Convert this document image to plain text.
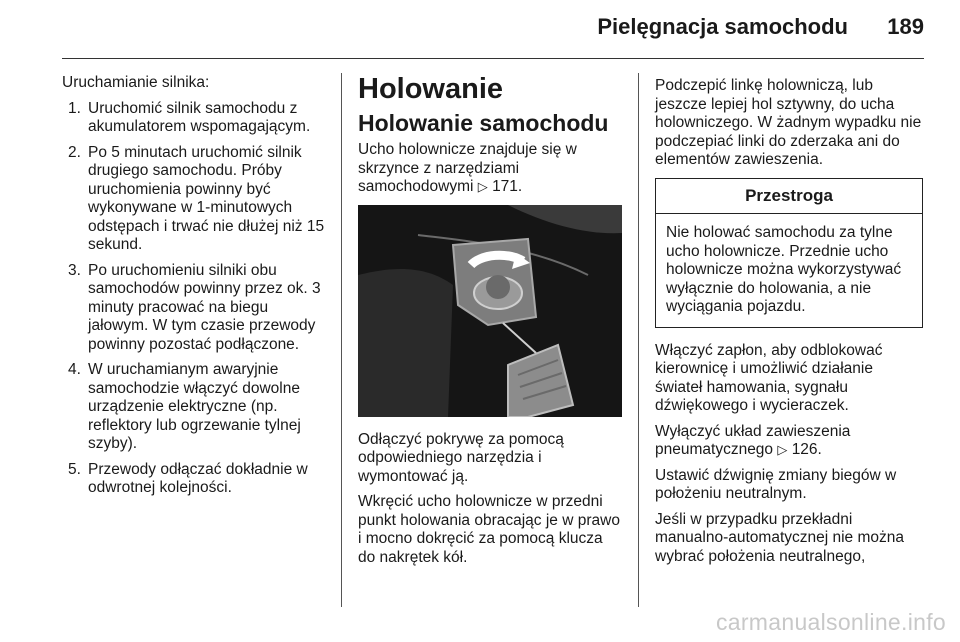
Pielęgnacja samochodu 189

Uruchamianie silnika:

1. Uruchomić silnik samochodu z akumulatorem wspomagającym.
2. Po 5 minutach uruchomić silnik drugiego samochodu. Próby uruchomienia powinny być wykonywane w 1-minutowych odstępach i trwać nie dłużej niż 15 sekund.
3. Po uruchomieniu silniki obu samochodów powinny przez ok. 3 minuty pracować na biegu jałowym. W tym czasie przewody powinny pozostać podłączone.
4. W uruchamianym awaryjnie samochodzie włączyć dowolne urządzenie elektryczne (np. reflektory lub ogrzewanie tylnej szyby).
5. Przewody odłączać dokładnie w odwrotnej kolejności.
Holowanie
Holowanie samochodu

Ucho holownicze znajduje się w skrzynce z narzędziami samochodowymi ▷ 171.

Odłączyć pokrywę za pomocą odpowiedniego narzędzia i wymontować ją.

Wkręcić ucho holownicze w przedni punkt holowania obracając je w prawo i mocno dokręcić za pomocą klucza do nakrętek kół.

Podczepić linkę holowniczą, lub jeszcze lepiej hol sztywny, do ucha holowniczego. W żadnym wypadku nie podczepiać linki do zderzaka ani do elementów zawieszenia.

Przestroga

Nie holować samochodu za tylne ucho holownicze. Przednie ucho holownicze można wykorzystywać wyłącznie do holowania, a nie wyciągania pojazdu.

Włączyć zapłon, aby odblokować kierownicę i umożliwić działanie świateł hamowania, sygnału dźwiękowego i wycieraczek.

Wyłączyć układ zawieszenia pneumatycznego ▷ 126.

Ustawić dźwignię zmiany biegów w położeniu neutralnym.

Jeśli w przypadku przekładni manualno-automatycznej nie można wybrać położenia neutralnego,

carmanualsonline.info
